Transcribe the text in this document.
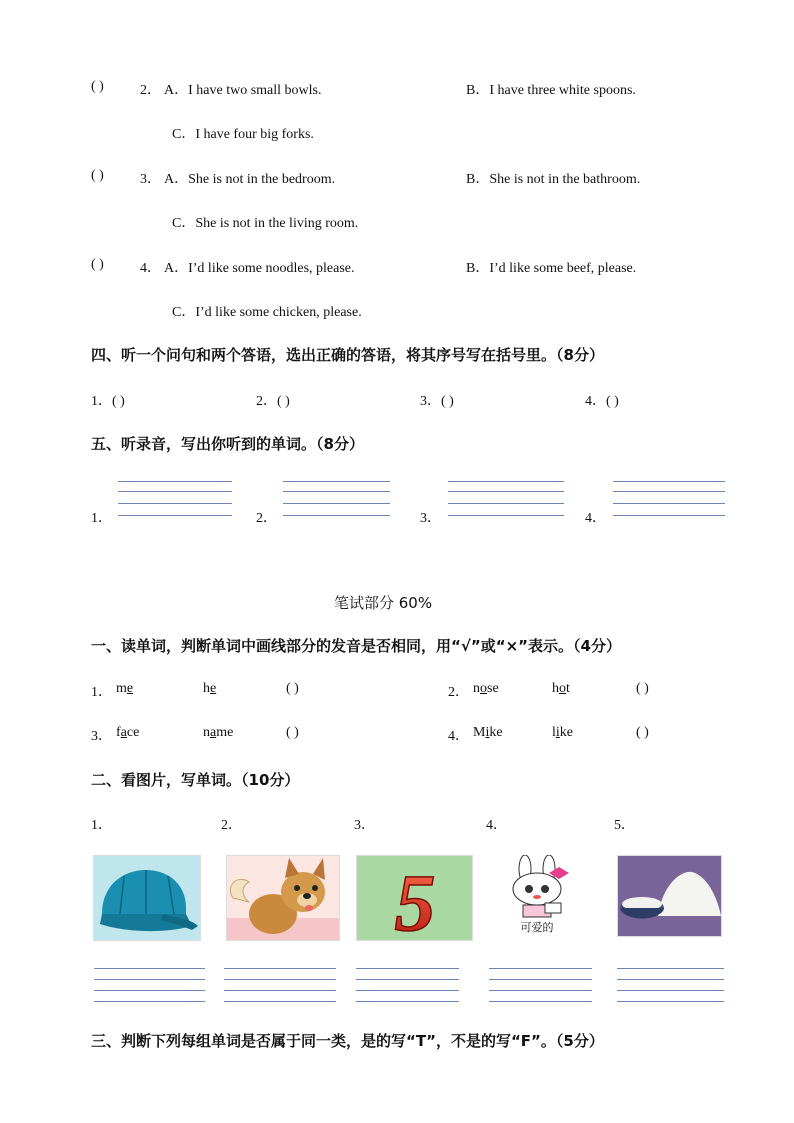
( )	2． A．I have two small bowls.	B．I have three white spoons.
C．I have four big forks.
( )	3． A．She is not in the bedroom.	B．She is not in the bathroom.
C．She is not in the living room.
( )	4． A．I’d like some noodles, please.	B．I’d like some beef, please.
C．I’d like some chicken, please.
四、听一个问句和两个答语，选出正确的答语，将其序号写在括号里。（8分）
1．( )	2．( )	3．( )	4．( )
五、听录音，写出你听到的单词。（8分）
1．	2．	3．	4．
笔试部分 60%
一、读单词，判断单词中画线部分的发音是否相同，用“√”或“×”表示。（4分）
1． me	he	( )	2． nose	hot	( )
3． face	name	( )	4． Mike	like	( )
二、看图片，写单词。（10分）
1．	2．	3．	4．	5．
5	可爱的
三、判断下列每组单词是否属于同一类，是的写“T”，不是的写“F”。（5分）
